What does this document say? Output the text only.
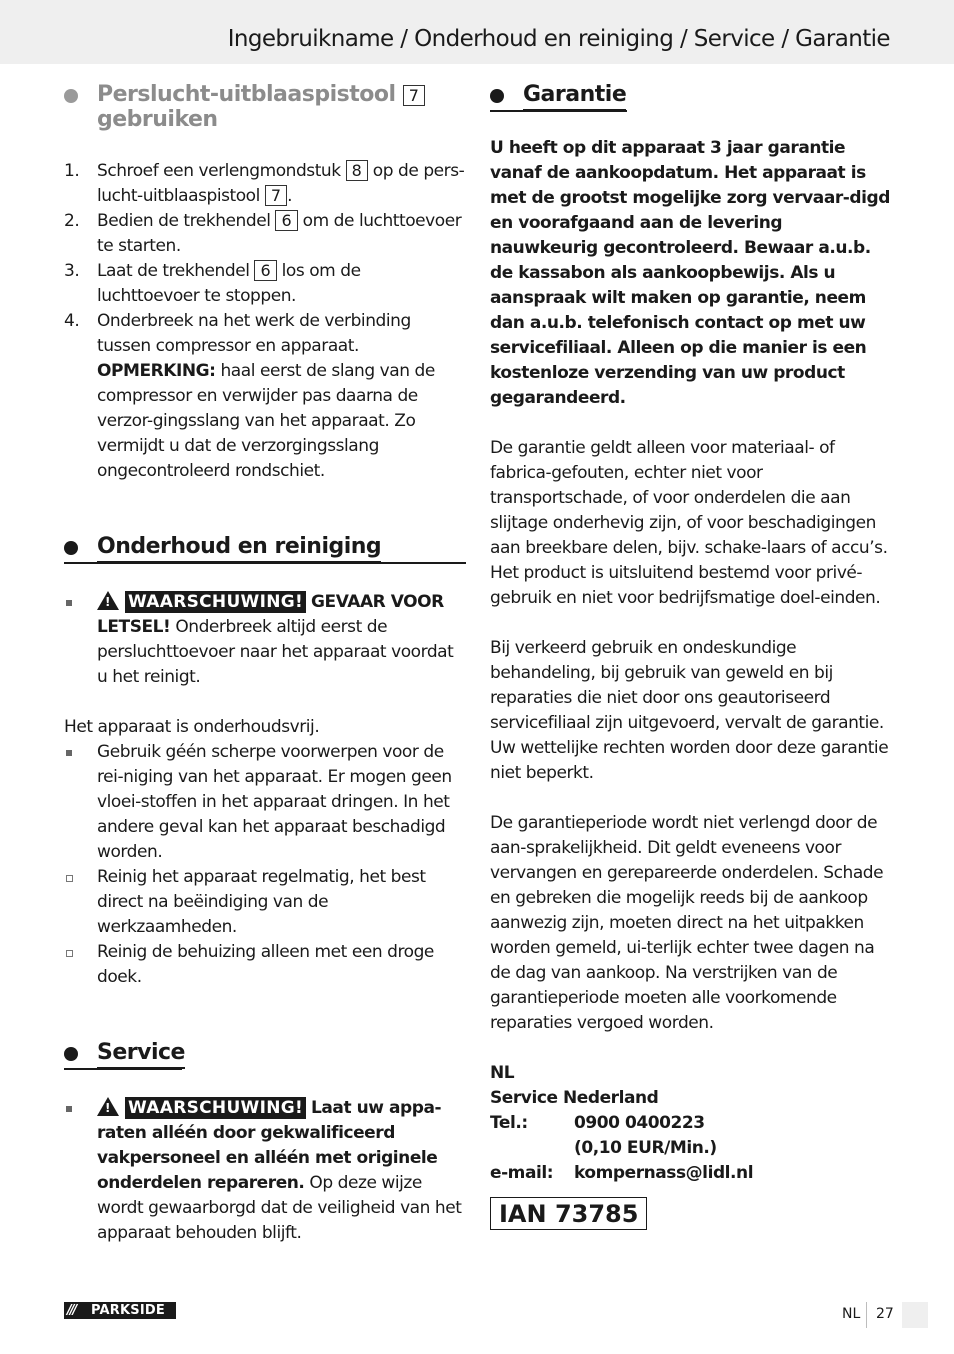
Ingebruikname / Onderhoud en reiniging / Service / Garantie
Perslucht-uitblaaspistool 7
gebruiken
1. Schroef een verlengmondstuk 8 op de pers-lucht-uitblaaspistool 7 .
2. Bedien de trekhendel 6 om de luchttoevoer te starten.
3. Laat de trekhendel 6 los om de luchttoevoer te stoppen.
4. Onderbreek na het werk de verbinding tussen compressor en apparaat.
OPMERKING: haal eerst de slang van de compressor en verwijder pas daarna de verzor-gingsslang van het apparaat. Zo vermijdt u dat de verzorgingsslang ongecontroleerd rondschiet.
Onderhoud en reiniging
! WAARSCHUWING! GEVAAR VOOR LETSEL! Onderbreek altijd eerst de persluchttoevoer naar het apparaat voordat u het reinigt.

Het apparaat is onderhoudsvrij.

Gebruik géén scherpe voorwerpen voor de rei-niging van het apparaat. Er mogen geen vloei-stoffen in het apparaat dringen. In het andere geval kan het apparaat beschadigd worden.
Reinig het apparaat regelmatig, het best direct na beëindiging van de werkzaamheden.
Reinig de behuizing alleen met een droge doek.
Service
! WAARSCHUWING! Laat uw appa-raten alléén door gekwalificeerd vakpersoneel en alléén met originele onderdelen repareren. Op deze wijze wordt gewaarborgd dat de veiligheid van het apparaat behouden blijft.
Garantie

U heeft op dit apparaat 3 jaar garantie vanaf de aankoopdatum. Het apparaat is met de grootst mogelijke zorg vervaar-digd en voorafgaand aan de levering nauwkeurig gecontroleerd. Bewaar a.u.b. de kassabon als aankoopbewijs. Als u aanspraak wilt maken op garantie, neem dan a.u.b. telefonisch contact op met uw servicefiliaal. Alleen op die manier is een kostenloze verzending van uw product gegarandeerd.

De garantie geldt alleen voor materiaal- of fabrica-gefouten, echter niet voor transportschade, of voor onderdelen die aan slijtage onderhevig zijn, of voor beschadigingen aan breekbare delen, bijv. schake-laars of accu’s. Het product is uitsluitend bestemd voor privé-gebruik en niet voor bedrijfsmatige doel-einden.

Bij verkeerd gebruik en ondeskundige behandeling, bij gebruik van geweld en bij reparaties die niet door ons geautoriseerd servicefiliaal zijn uitgevoerd, vervalt de garantie. Uw wettelijke rechten worden door deze garantie niet beperkt.

De garantieperiode wordt niet verlengd door de aan-sprakelijkheid. Dit geldt eveneens voor vervangen en gerepareerde onderdelen. Schade en gebreken die mogelijk reeds bij de aankoop aanwezig zijn, moeten direct na het uitpakken worden gemeld, ui-terlijk echter twee dagen na de dag van aankoop. Na verstrijken van de garantieperiode moeten alle voorkomende reparaties vergoed worden.

NL
Service Nederland
Tel.:	0900 0400223
	(0,10 EUR/Min.)
e-mail:	kompernass@lidl.nl
IAN 73785
/// PARKSIDE	NL 27
